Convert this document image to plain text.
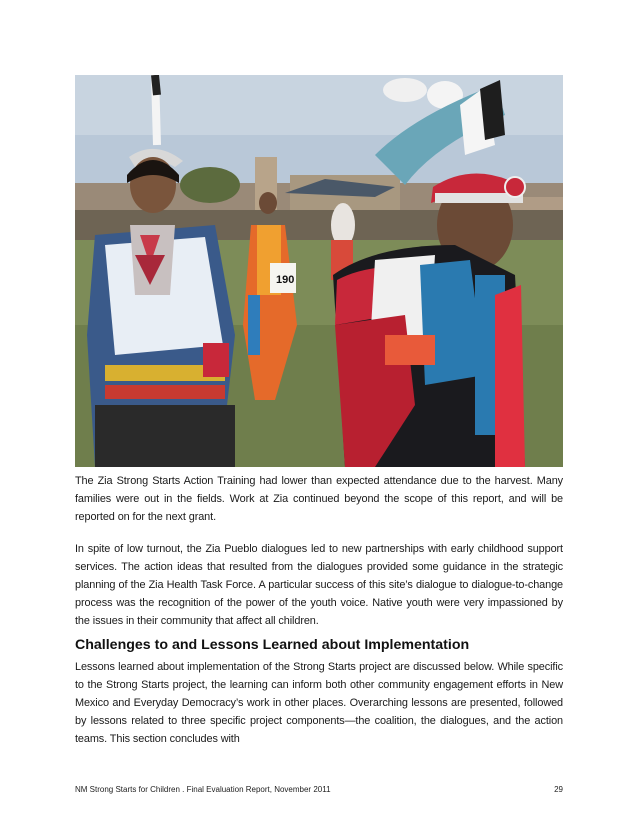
190

The Zia Strong Starts Action Training had lower than expected attendance due to the harvest. Many families were out in the fields. Work at Zia continued beyond the scope of this report, and will be reported on for the next grant.

In spite of low turnout, the Zia Pueblo dialogues led to new partnerships with early childhood support services. The action ideas that resulted from the dialogues provided some guidance in the strategic planning of the Zia Health Task Force. A particular success of this site’s dialogue to dialogue-to-change process was the recognition of the power of the youth voice. Native youth were very impassioned by the issues in their community that affect all children.

Challenges to and Lessons Learned about Implementation

Lessons learned about implementation of the Strong Starts project are discussed below. While specific to the Strong Starts project, the learning can inform both other community engagement efforts in New Mexico and Everyday Democracy’s work in other places. Overarching lessons are presented, followed by lessons related to three specific project components—the coalition, the dialogues, and the action teams. This section concludes with

NM Strong Starts for Children . Final Evaluation Report, November 2011	29
